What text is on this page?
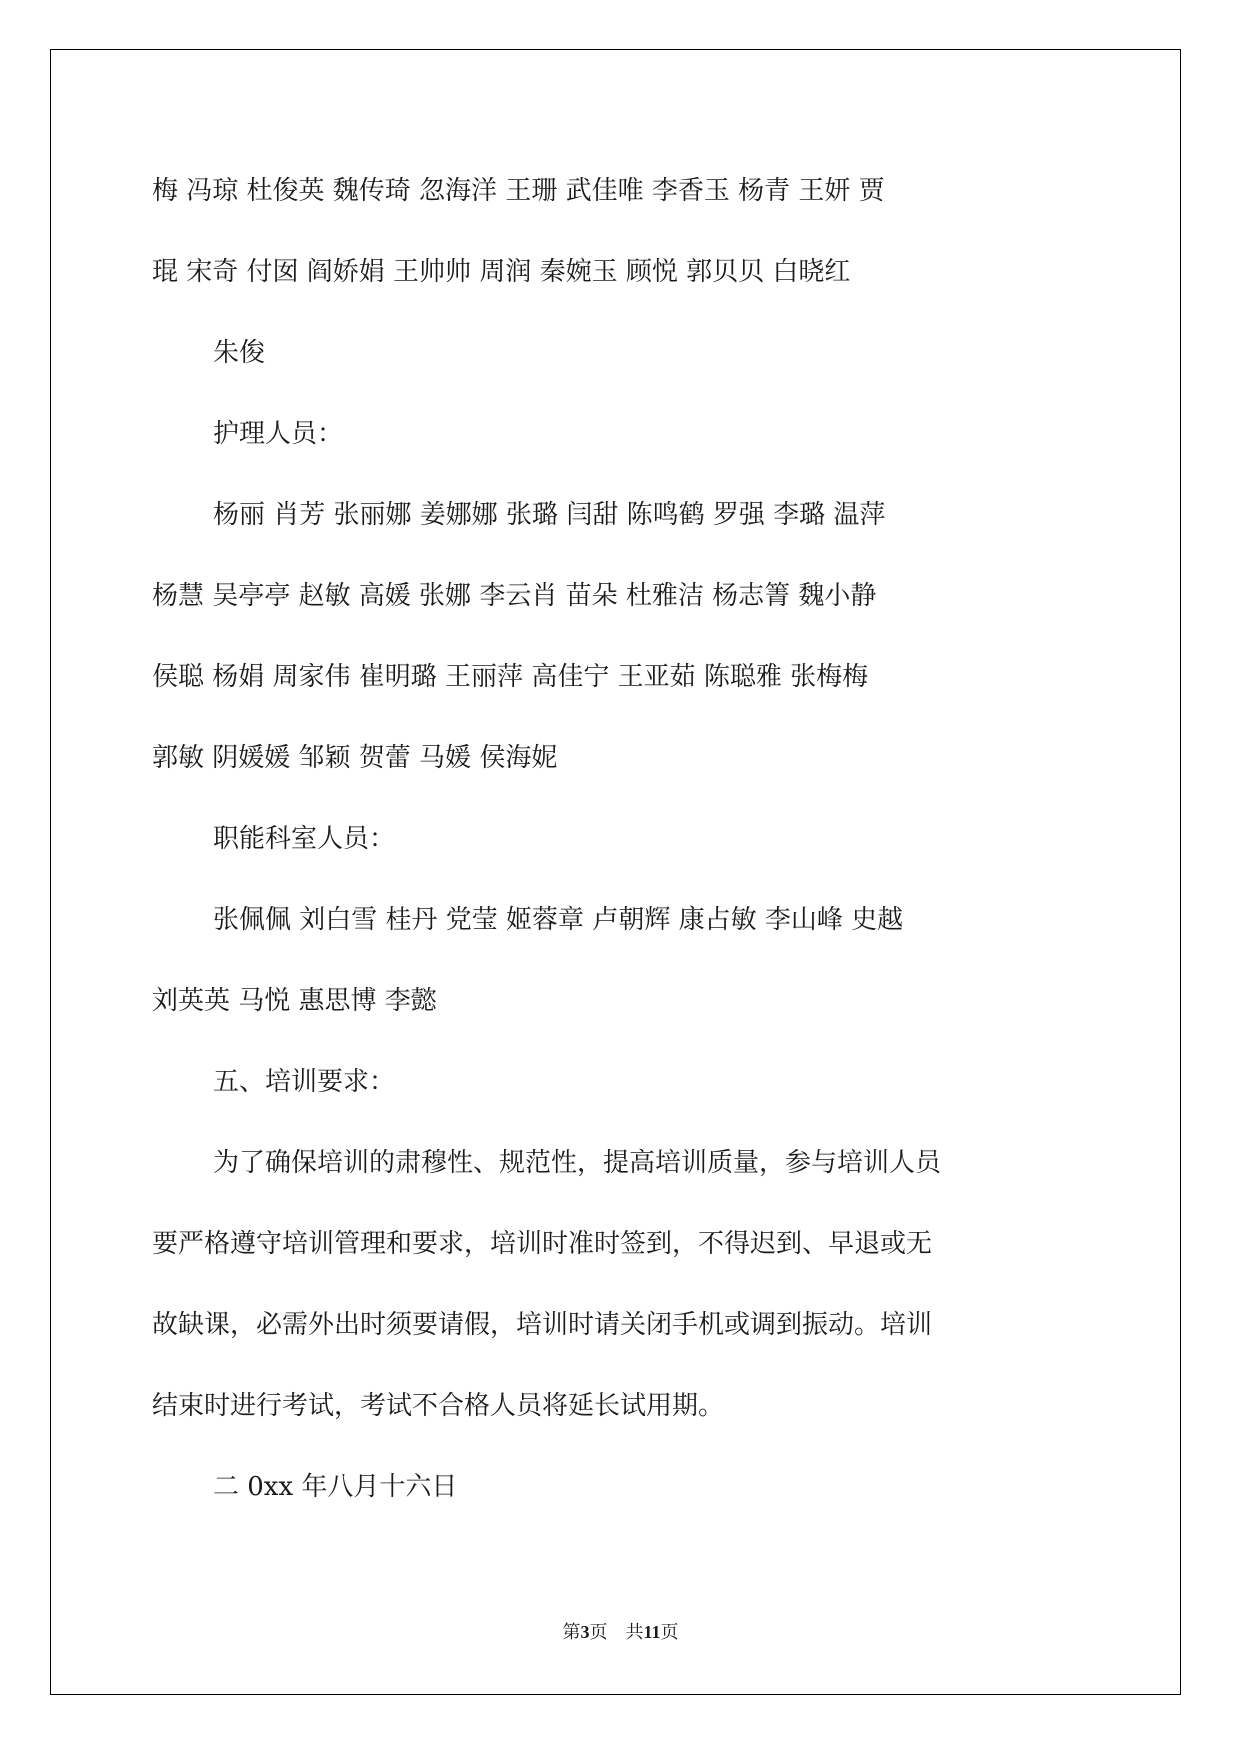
梅 冯琼 杜俊英 魏传琦 忽海洋 王珊 武佳唯 李香玉 杨青 王妍 贾
琨 宋奇 付囡 阎娇娟 王帅帅 周润 秦婉玉 顾悦 郭贝贝 白晓红
朱俊
护理人员：
杨丽 肖芳 张丽娜 姜娜娜 张璐 闫甜 陈鸣鹤 罗强 李璐 温萍
杨慧 吴亭亭 赵敏 高媛 张娜 李云肖 苗朵 杜雅洁 杨志箐 魏小静
侯聪 杨娟 周家伟 崔明璐 王丽萍 高佳宁 王亚茹 陈聪雅 张梅梅
郭敏 阴媛媛 邹颖 贺蕾 马媛 侯海妮
职能科室人员：
张佩佩 刘白雪 桂丹 党莹 姬蓉章 卢朝辉 康占敏 李山峰 史越
刘英英 马悦 惠思博 李懿
五、培训要求：
为了确保培训的肃穆性、规范性，提高培训质量，参与培训人员
要严格遵守培训管理和要求，培训时准时签到，不得迟到、早退或无
故缺课，必需外出时须要请假，培训时请关闭手机或调到振动。培训
结束时进行考试，考试不合格人员将延长试用期。
二 0xx 年八月十六日
第3页 共11页
